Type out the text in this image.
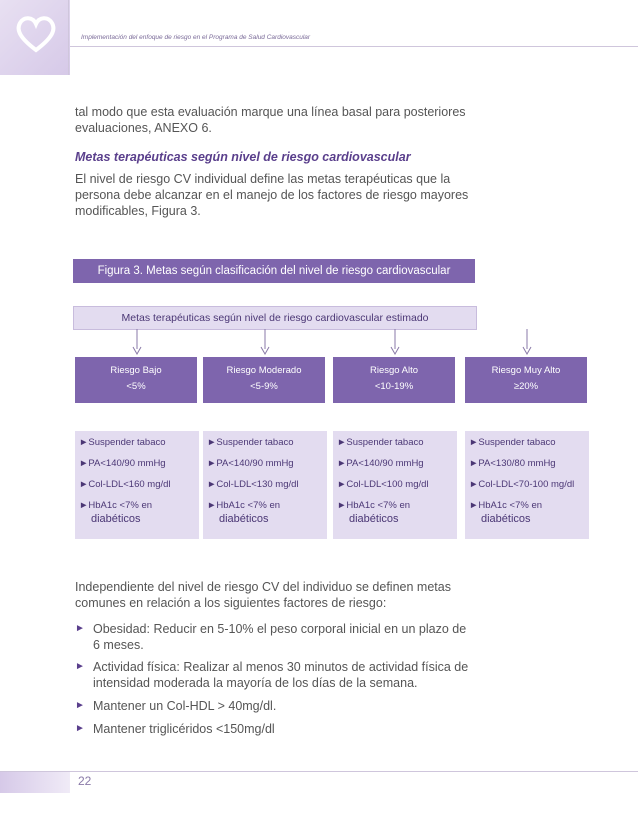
Implementación del enfoque de riesgo en el Programa de Salud Cardiovascular
tal modo que esta evaluación marque una línea basal para posteriores
evaluaciones, ANEXO 6.
Metas terapéuticas según nivel de riesgo cardiovascular
El nivel de riesgo CV individual define las metas terapéuticas que la
persona debe alcanzar en el manejo de los factores de riesgo mayores
modificables, Figura 3.
Figura 3. Metas según clasificación del nivel de riesgo cardiovascular
Metas terapéuticas según nivel de riesgo cardiovascular estimado
Riesgo Bajo
<5%
Riesgo Moderado
<5-9%
Riesgo Alto
<10-19%
Riesgo Muy Alto
≥20%
►Suspender tabaco
►PA<140/90 mmHg
►Col-LDL<160 mg/dl
►HbA1c <7% en
diabéticos
►Suspender tabaco
►PA<140/90 mmHg
►Col-LDL<130 mg/dl
►HbA1c <7% en
diabéticos
►Suspender tabaco
►PA<140/90 mmHg
►Col-LDL<100 mg/dl
►HbA1c <7% en
diabéticos
►Suspender tabaco
►PA<130/80 mmHg
►Col-LDL<70-100 mg/dl
►HbA1c <7% en
diabéticos
Independiente del nivel de riesgo CV del individuo se definen metas
comunes en relación a los siguientes factores de riesgo:
► Obesidad: Reducir en 5-10% el peso corporal inicial en un plazo de
6 meses.
► Actividad física: Realizar al menos 30 minutos de actividad física de
intensidad moderada la mayoría de los días de la semana.
► Mantener un Col-HDL > 40mg/dl.
► Mantener triglicéridos <150mg/dl
22
